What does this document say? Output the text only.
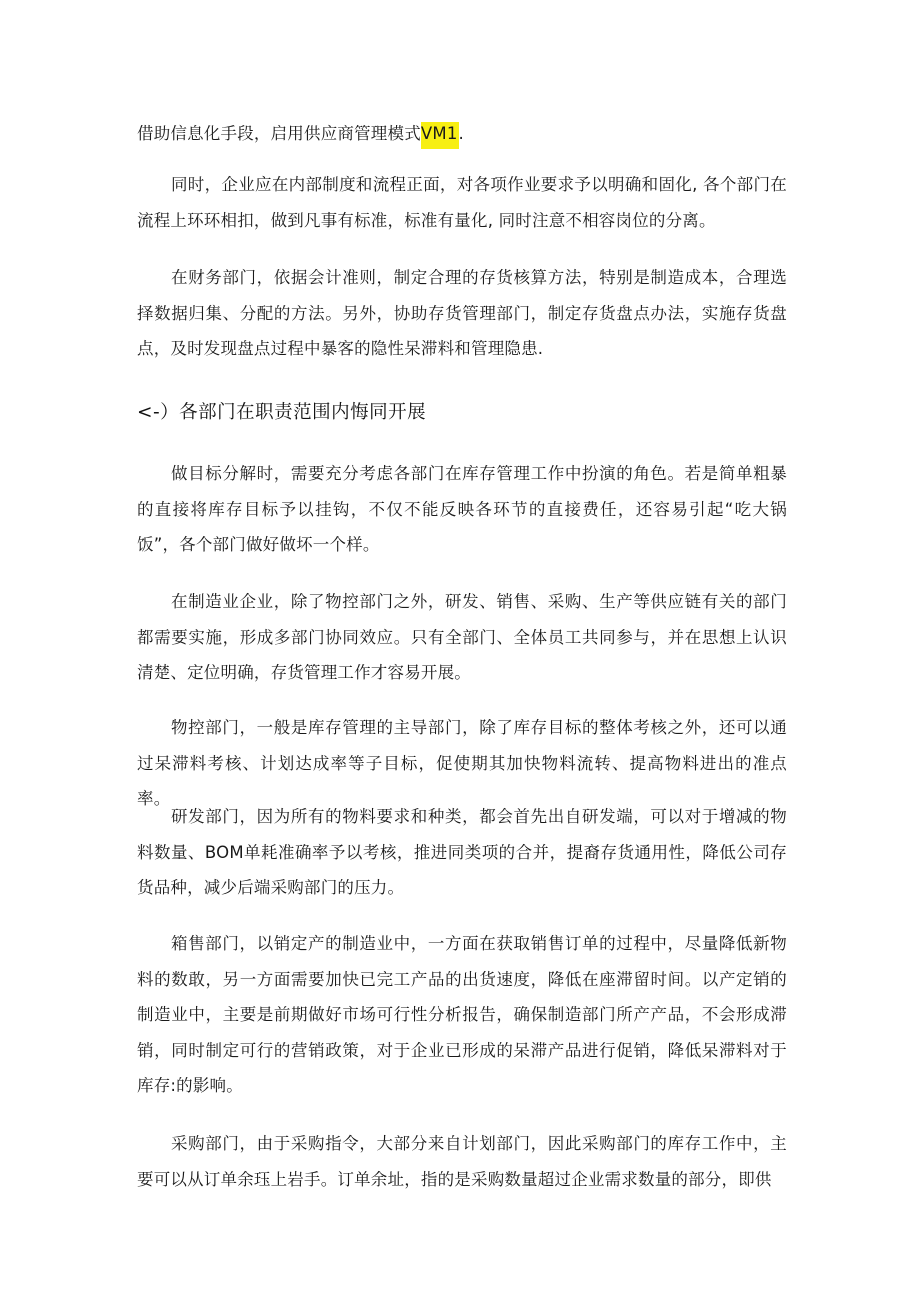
借助信息化手段，启用供应商管理模式VM1.

同时，企业应在内部制度和流程正面，对各项作业要求予以明确和固化, 各个部门在流程上环环相扣，做到凡事有标准，标准有量化, 同时注意不相容岗位的分离。

在财务部门，依据会计准则，制定合理的存货核算方法，特别是制造成本，合理选择数据归集、分配的方法。另外，协助存货管理部门，制定存货盘点办法，实施存货盘点，及时发现盘点过程中暴客的隐性呆滞料和管理隐患.

<-）各部门在职责范围内悔同开展

做目标分解时，需要充分考虑各部门在库存管理工作中扮演的角色。若是简单粗暴的直接将库存目标予以挂钩，不仅不能反映各环节的直接费任，还容易引起“吃大锅饭”，各个部门做好做坏一个样。

在制造业企业，除了物控部门之外，研发、销售、采购、生产等供应链有关的部门都需要实施，形成多部门协同效应。只有全部门、全体员工共同参与，并在思想上认识清楚、定位明确，存货管理工作才容易开展。

物控部门，一般是库存管理的主导部门，除了库存目标的整体考核之外，还可以通过呆滞料考核、计划达成率等子目标，促使期其加快物料流转、提高物料进出的准点率。

研发部门，因为所有的物料要求和种类，都会首先出自研发端，可以对于增减的物料数量、BOM单耗准确率予以考核，推进同类项的合并，提裔存货通用性，降低公司存货品种，减少后端采购部门的压力。

箱售部门，以销定产的制造业中，一方面在获取销售订单的过程中，尽量降低新物料的数敢，另一方面需要加快已完工产品的出货速度，降低在座滞留时间。以产定销的制造业中，主要是前期做好市场可行性分析报告，确保制造部门所产产品，不会形成滞销，同时制定可行的营销政策，对于企业已形成的呆滞产品进行促销，降低呆滞料对于库存:的影响。

采购部门，由于采购指令，大部分来自计划部门，因此采购部门的库存工作中，主要可以从订单余珏上岩手。订单余址，指的是采购数量超过企业需求数量的部分，即供
